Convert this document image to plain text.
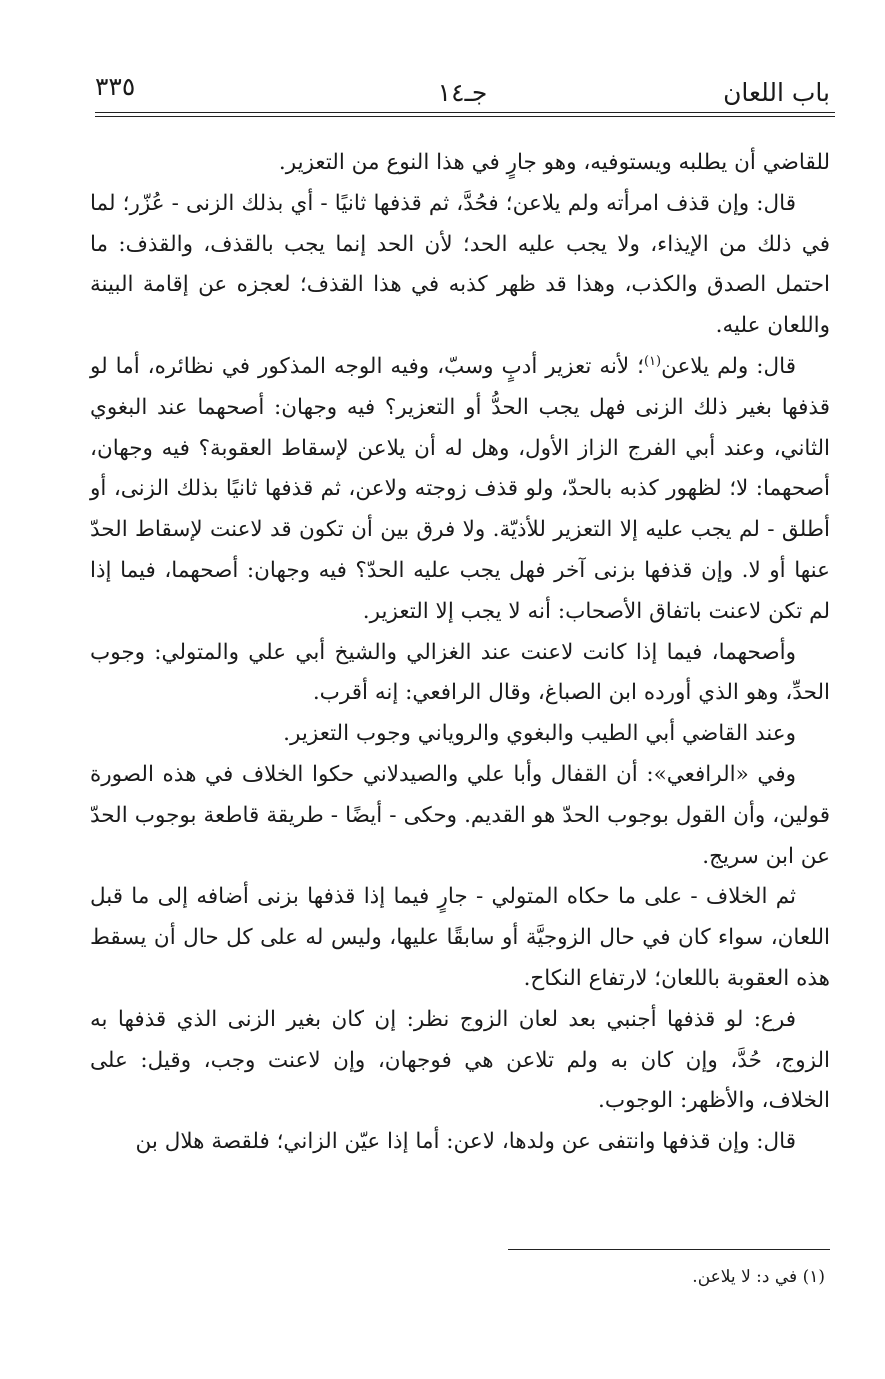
باب اللعان
جـ١٤
٣٣٥

للقاضي أن يطلبه ويستوفيه، وهو جارٍ في هذا النوع من التعزير.

قال: وإن قذف امرأته ولم يلاعن؛ فحُدَّ، ثم قذفها ثانيًا - أي بذلك الزنى - عُزّر؛ لما في ذلك من الإيذاء، ولا يجب عليه الحد؛ لأن الحد إنما يجب بالقذف، والقذف: ما احتمل الصدق والكذب، وهذا قد ظهر كذبه في هذا القذف؛ لعجزه عن إقامة البينة واللعان عليه.

قال: ولم يلاعن$^{(١)}$؛ لأنه تعزير أدبٍ وسبّ، وفيه الوجه المذكور في نظائره، أما لو قذفها بغير ذلك الزنى فهل يجب الحدُّ أو التعزير؟ فيه وجهان: أصحهما عند البغوي الثاني، وعند أبي الفرج الزاز الأول، وهل له أن يلاعن لإسقاط العقوبة؟ فيه وجهان، أصحهما: لا؛ لظهور كذبه بالحدّ، ولو قذف زوجته ولاعن، ثم قذفها ثانيًا بذلك الزنى، أو أطلق - لم يجب عليه إلا التعزير للأذيّة. ولا فرق بين أن تكون قد لاعنت لإسقاط الحدّ عنها أو لا. وإن قذفها بزنى آخر فهل يجب عليه الحدّ؟ فيه وجهان: أصحهما، فيما إذا لم تكن لاعنت باتفاق الأصحاب: أنه لا يجب إلا التعزير.

وأصحهما، فيما إذا كانت لاعنت عند الغزالي والشيخ أبي علي والمتولي: وجوب الحدِّ، وهو الذي أورده ابن الصباغ، وقال الرافعي: إنه أقرب.

وعند القاضي أبي الطيب والبغوي والروياني وجوب التعزير.

وفي «الرافعي»: أن القفال وأبا علي والصيدلاني حكوا الخلاف في هذه الصورة قولين، وأن القول بوجوب الحدّ هو القديم. وحكى - أيضًا - طريقة قاطعة بوجوب الحدّ عن ابن سريج.

ثم الخلاف - على ما حكاه المتولي - جارٍ فيما إذا قذفها بزنى أضافه إلى ما قبل اللعان، سواء كان في حال الزوجيَّة أو سابقًا عليها، وليس له على كل حال أن يسقط هذه العقوبة باللعان؛ لارتفاع النكاح.

فرع: لو قذفها أجنبي بعد لعان الزوج نظر: إن كان بغير الزنى الذي قذفها به الزوج، حُدَّ، وإن كان به ولم تلاعن هي فوجهان، وإن لاعنت وجب، وقيل: على الخلاف، والأظهر: الوجوب.

قال: وإن قذفها وانتفى عن ولدها، لاعن: أما إذا عيّن الزاني؛ فلقصة هلال بن

(١) في د: لا يلاعن.
